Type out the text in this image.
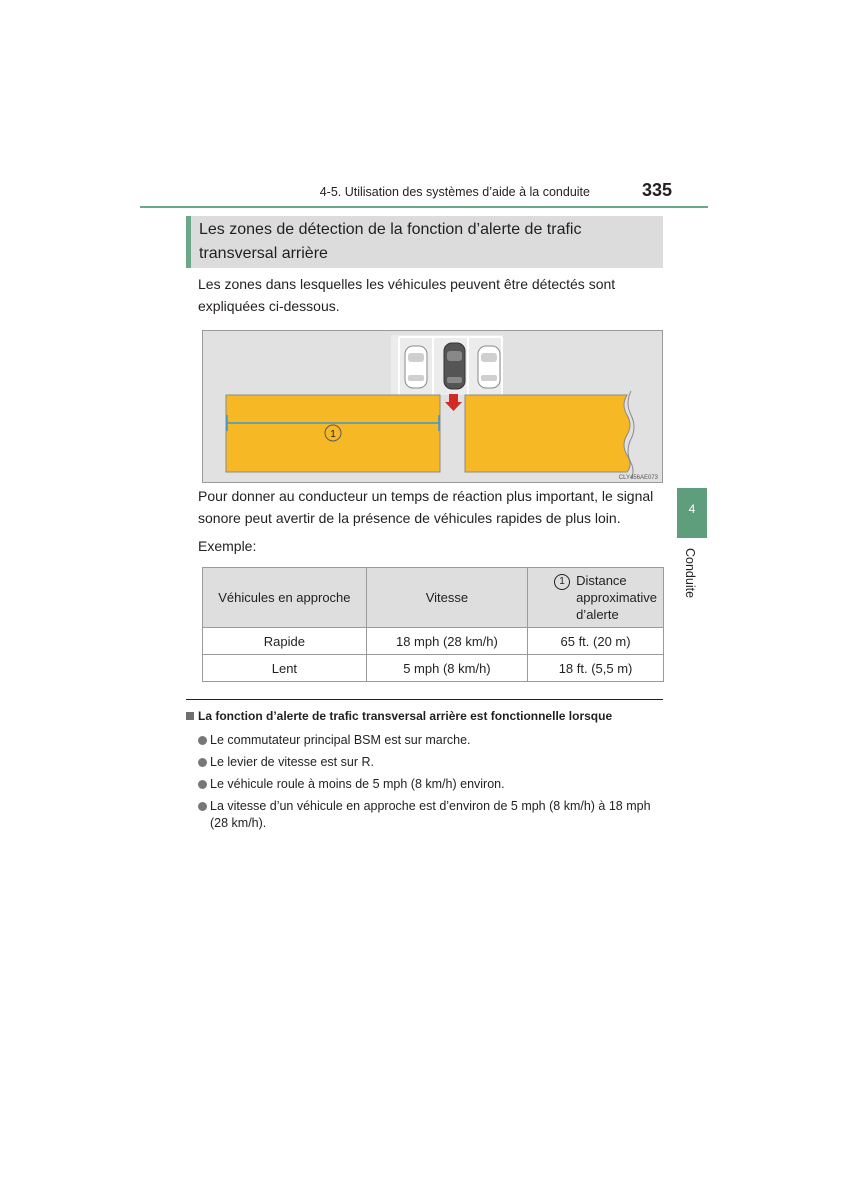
4-5. Utilisation des systèmes d’aide à la conduite	335
4
Conduite
Les zones de détection de la fonction d’alerte de trafic transversal arrière
Les zones dans lesquelles les véhicules peuvent être détectés sont expliquées ci-dessous.
1
CLY456AE073
Pour donner au conducteur un temps de réaction plus important, le signal sonore peut avertir de la présence de véhicules rapides de plus loin.
Exemple:
Véhicules en approche	Vitesse	1 Distance approximative d’alerte

Rapide	18 mph (28 km/h)	65 ft. (20 m)
Lent	5 mph (8 km/h)	18 ft. (5,5 m)
La fonction d’alerte de trafic transversal arrière est fonctionnelle lorsque
Le commutateur principal BSM est sur marche.
Le levier de vitesse est sur R.
Le véhicule roule à moins de 5 mph (8 km/h) environ.
La vitesse d’un véhicule en approche est d’environ de 5 mph (8 km/h) à 18 mph (28 km/h).
